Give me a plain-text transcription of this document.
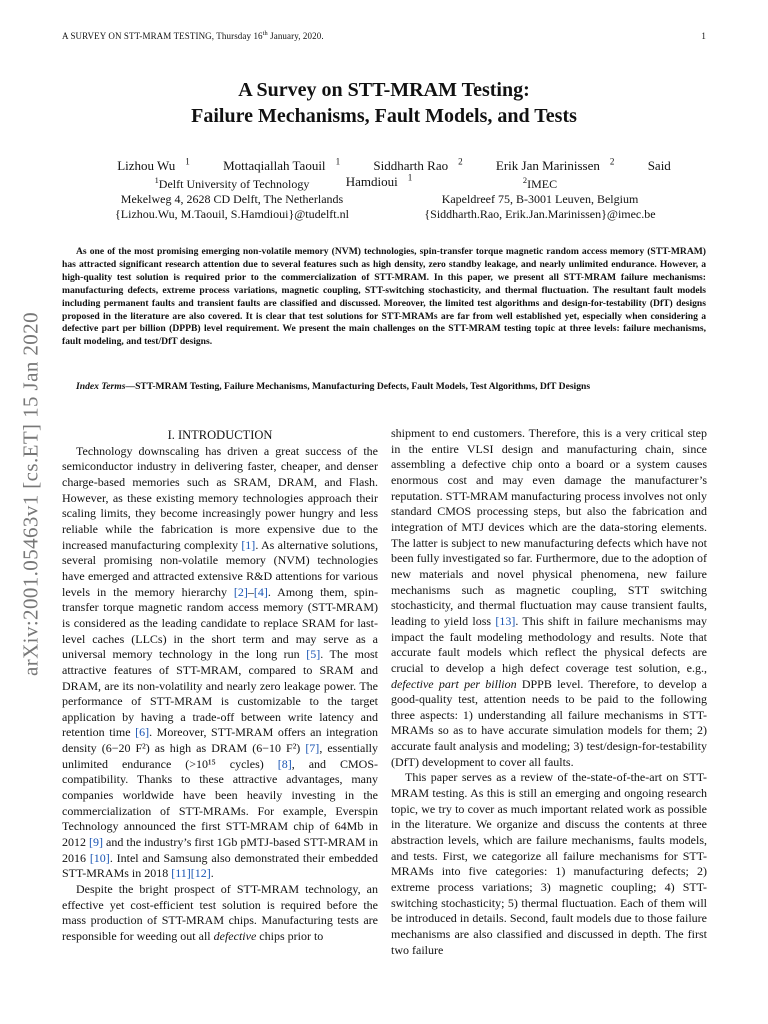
A SURVEY ON STT-MRAM TESTING, Thursday 16th January, 2020.	1
arXiv:2001.05463v1 [cs.ET] 15 Jan 2020
A Survey on STT-MRAM Testing:
Failure Mechanisms, Fault Models, and Tests
Lizhou Wu $^1$	Mottaqiallah Taouil $^1$	Siddharth Rao $^2$	Erik Jan Marinissen $^2$	Said Hamdioui $^1$
$^1$Delft University of Technology
Mekelweg 4, 2628 CD Delft, The Netherlands
{Lizhou.Wu, M.Taouil, S.Hamdioui}@tudelft.nl
$^2$IMEC
Kapeldreef 75, B-3001 Leuven, Belgium
{Siddharth.Rao, Erik.Jan.Marinissen}@imec.be
As one of the most promising emerging non-volatile memory (NVM) technologies, spin-transfer torque magnetic random access memory (STT-MRAM) has attracted significant research attention due to several features such as high density, zero standby leakage, and nearly unlimited endurance. However, a high-quality test solution is required prior to the commercialization of STT-MRAM. In this paper, we present all STT-MRAM failure mechanisms: manufacturing defects, extreme process variations, magnetic coupling, STT-switching stochasticity, and thermal fluctuation. The resultant fault models including permanent faults and transient faults are classified and discussed. Moreover, the limited test algorithms and design-for-testability (DfT) designs proposed in the literature are also covered. It is clear that test solutions for STT-MRAMs are far from well established yet, especially when considering a defective part per billion (DPPB) level requirement. We present the main challenges on the STT-MRAM testing topic at three levels: failure mechanisms, fault modeling, and test/DfT designs.
Index Terms—STT-MRAM Testing, Failure Mechanisms, Manufacturing Defects, Fault Models, Test Algorithms, DfT Designs

I. INTRODUCTION

Technology downscaling has driven a great success of the semiconductor industry in delivering faster, cheaper, and denser charge-based memories such as SRAM, DRAM, and Flash. However, as these existing memory technologies approach their scaling limits, they become increasingly power hungry and less reliable while the fabrication is more expensive due to the increased manufacturing complexity [1]. As alternative solutions, several promising non-volatile memory (NVM) technologies have emerged and attracted extensive R&D attentions for various levels in the memory hierarchy [2]–[4]. Among them, spin-transfer torque magnetic random access memory (STT-MRAM) is considered as the leading candidate to replace SRAM for last-level caches (LLCs) in the short term and may serve as a universal memory technology in the long run [5]. The most attractive features of STT-MRAM, compared to SRAM and DRAM, are its non-volatility and nearly zero leakage power. The performance of STT-MRAM is customizable to the target application by having a trade-off between write latency and retention time [6]. Moreover, STT-MRAM offers an integration density (6−20 F²) as high as DRAM (6−10 F²) [7], essentially unlimited endurance (>10¹⁵ cycles) [8], and CMOS-compatibility. Thanks to these attractive advantages, many companies worldwide have been heavily investing in the commercialization of STT-MRAMs. For example, Everspin Technology announced the first STT-MRAM chip of 64Mb in 2012 [9] and the industry’s first 1Gb pMTJ-based STT-MRAM in 2016 [10]. Intel and Samsung also demonstrated their embedded STT-MRAMs in 2018 [11][12].

Despite the bright prospect of STT-MRAM technology, an effective yet cost-efficient test solution is required before the mass production of STT-MRAM chips. Manufacturing tests are responsible for weeding out all defective chips prior to

shipment to end customers. Therefore, this is a very critical step in the entire VLSI design and manufacturing chain, since assembling a defective chip onto a board or a system causes enormous cost and may even damage the manufacturer’s reputation. STT-MRAM manufacturing process involves not only standard CMOS processing steps, but also the fabrication and integration of MTJ devices which are the data-storing elements. The latter is subject to new manufacturing defects which have not been fully investigated so far. Furthermore, due to the adoption of new materials and novel physical phenomena, new failure mechanisms such as magnetic coupling, STT switching stochasticity, and thermal fluctuation may cause transient faults, leading to yield loss [13]. This shift in failure mechanisms may impact the fault modeling methodology and results. Note that accurate fault models which reflect the physical defects are crucial to develop a high defect coverage test solution, e.g., defective part per billion DPPB level. Therefore, to develop a good-quality test, attention needs to be paid to the following three aspects: 1) understanding all failure mechanisms in STT-MRAMs so as to have accurate simulation models for them; 2) accurate fault analysis and modeling; 3) test/design-for-testability (DfT) development to cover all faults.

This paper serves as a review of the-state-of-the-art on STT-MRAM testing. As this is still an emerging and ongoing research topic, we try to cover as much important related work as possible in the literature. We organize and discuss the contents at three abstraction levels, which are failure mechanisms, faults models, and tests. First, we categorize all failure mechanisms for STT-MRAMs into five categories: 1) manufacturing defects; 2) extreme process variations; 3) magnetic coupling; 4) STT-switching stochasticity; 5) thermal fluctuation. Each of them will be introduced in details. Second, fault models due to those failure mechanisms are also classified and discussed in depth. The first two failure
